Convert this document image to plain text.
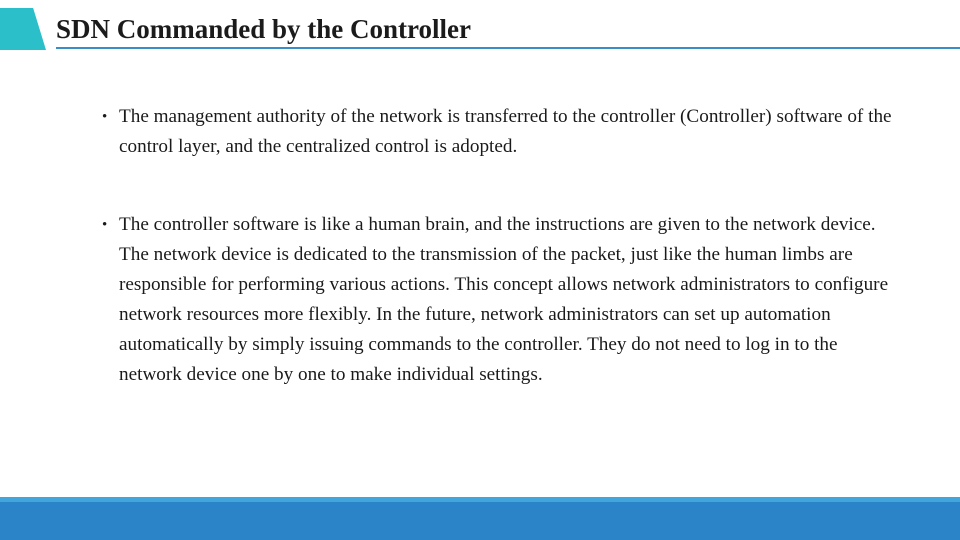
SDN Commanded by the Controller

• The management authority of the network is transferred to the controller (Controller) software of the control layer, and the centralized control is adopted.

• The controller software is like a human brain, and the instructions are given to the network device. The network device is dedicated to the transmission of the packet, just like the human limbs are responsible for performing various actions. This concept allows network administrators to configure network resources more flexibly. In the future, network administrators can set up automation automatically by simply issuing commands to the controller. They do not need to log in to the network device one by one to make individual settings.
